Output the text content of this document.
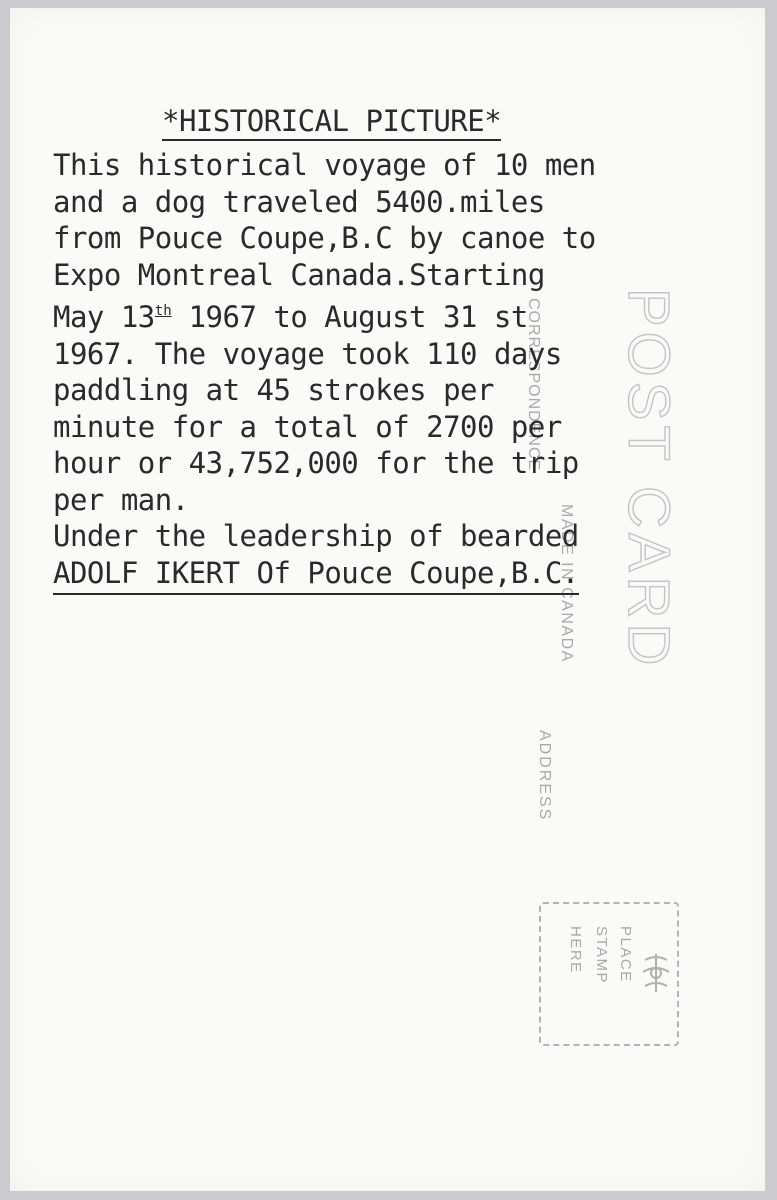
POST CARD
CORRESPONDENCE
MADE IN CANADA
ADDRESS
PLACE
STAMP
HERE
*HISTORICAL PICTURE*
This historical voyage of 10 men
and a dog traveled 5400.miles
from Pouce Coupe,B.C by canoe to
Expo Montreal Canada.Starting
May 13th 1967 to August 31 st
1967. The voyage took 110 days
paddling at 45 strokes per
minute for a total of 2700 per
hour or 43,752,000 for the trip
per man.
Under the leadership of bearded
ADOLF IKERT Of Pouce Coupe,B.C.
